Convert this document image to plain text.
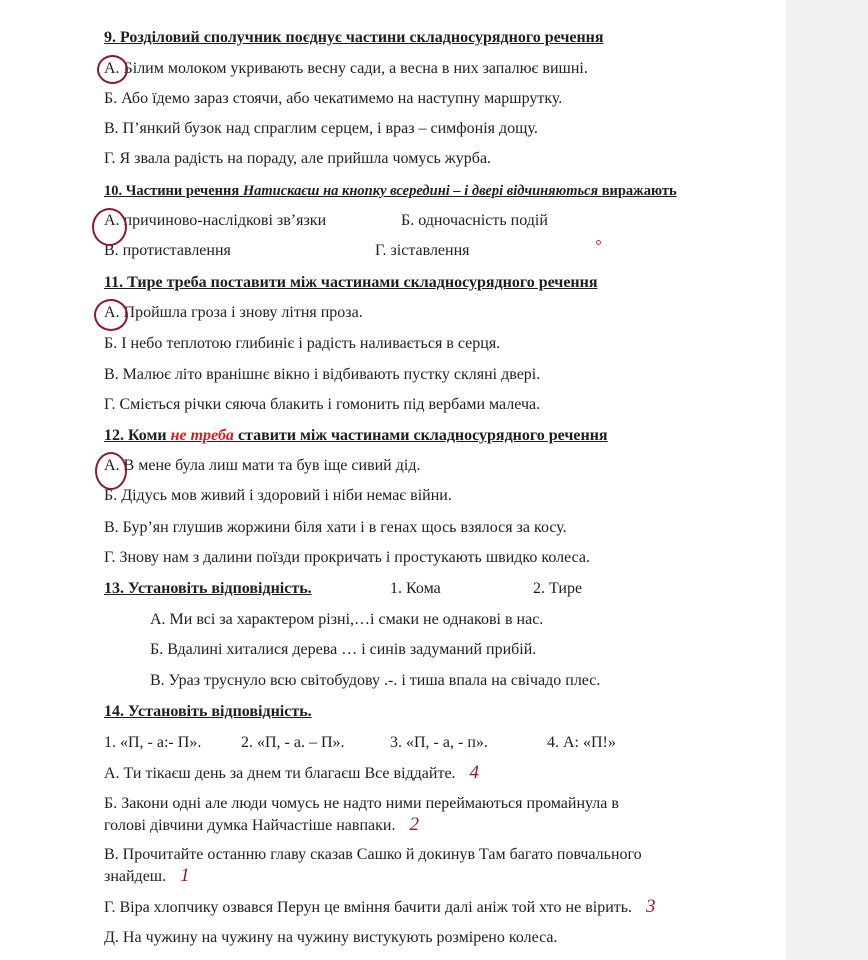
9. Розділовий сполучник поєднує частини складносурядного речення
А. Білим молоком укривають весну сади, а весна в них запалює вишні.
Б. Або їдемо зараз стоячи, або чекатимемо на наступну маршрутку.
В. П’янкий бузок над спраглим серцем, і враз – симфонія дощу.
Г. Я звала радість на пораду, але прийшла чомусь журба.
10. Частини речення Натискаєш на кнопку всередині – і двері відчиняються виражають
А. причиново-наслідкові зв’язки	Б. одночасність подій
В. протиставлення	Г. зіставлення
11. Тире треба поставити між частинами складносурядного речення
А. Пройшла гроза і знову літня проза.
Б. І небо теплотою глибиніє і радість наливається в серця.
В. Малює літо вранішнє вікно і відбивають пустку скляні двері.
Г. Сміється річки сяюча блакить і гомонить під вербами малеча.
12. Коми не треба ставити між частинами складносурядного речення
А. В мене була лиш мати та був іще сивий дід.
Б. Дідусь мов живий і здоровий і ніби немає війни.
В. Бур’ян глушив жоржини біля хати і в генах щось взялося за косу.
Г. Знову нам з далини поїзди прокричать і простукають швидко колеса.
13. Установіть відповідність.	1. Кома	2. Тире
А. Ми всі за характером різні,…і смаки не однакові в нас.
Б. Вдалині хиталися дерева … і синів задуманий прибій.
В. Ураз труснуло всю світобудову .-. і тиша впала на свічадо плес.
14. Установіть відповідність.
1. «П, - а:- П». 2. «П, - а. – П».	3. «П, - а, - п».	4. А: «П!»
А. Ти тікаєш день за днем ти благаєш Все віддайте. 4
Б. Закони одні але люди чомусь не надто ними переймаються промайнула в
голові дівчини думка Найчастіше навпаки. 2
В. Прочитайте останню главу сказав Сашко й докинув Там багато повчального
знайдеш. 1
Г. Віра хлопчику озвався Перун це вміння бачити далі аніж той хто не вірить. 3
Д. На чужину на чужину на чужину вистукують розмірено колеса.
